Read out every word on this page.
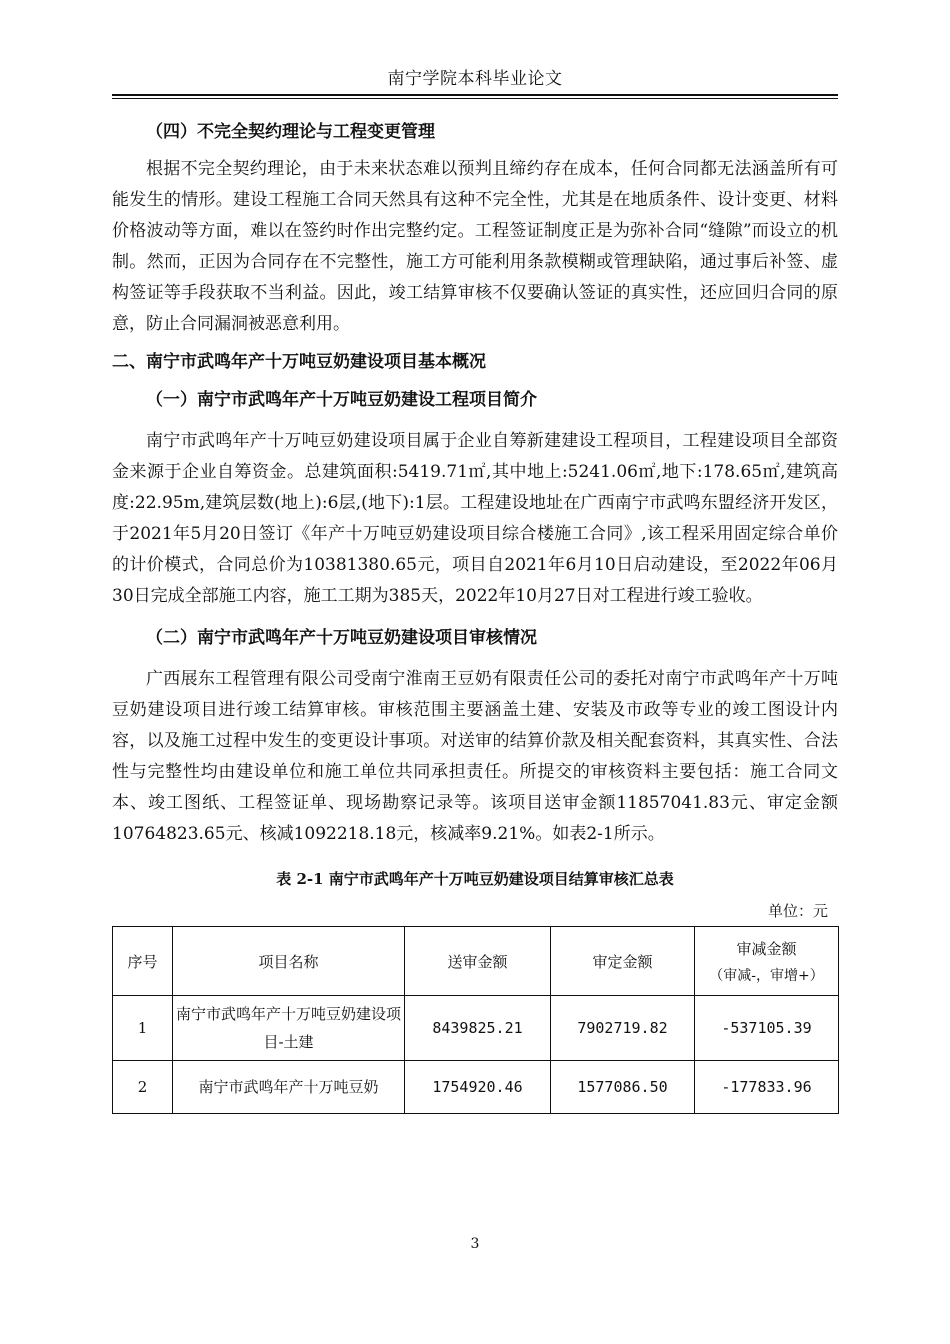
南宁学院本科毕业论文

（四）不完全契约理论与工程变更管理

根据不完全契约理论，由于未来状态难以预判且缔约存在成本，任何合同都无法涵盖所有可能发生的情形。建设工程施工合同天然具有这种不完全性，尤其是在地质条件、设计变更、材料价格波动等方面，难以在签约时作出完整约定。工程签证制度正是为弥补合同“缝隙”而设立的机制。然而，正因为合同存在不完整性，施工方可能利用条款模糊或管理缺陷，通过事后补签、虚构签证等手段获取不当利益。因此，竣工结算审核不仅要确认签证的真实性，还应回归合同的原意，防止合同漏洞被恶意利用。

二、南宁市武鸣年产十万吨豆奶建设项目基本概况

（一）南宁市武鸣年产十万吨豆奶建设工程项目简介

南宁市武鸣年产十万吨豆奶建设项目属于企业自筹新建建设工程项目，工程建设项目全部资金来源于企业自筹资金。总建筑面积:5419.71㎡,其中地上:5241.06㎡,地下:178.65㎡,建筑高度:22.95m,建筑层数(地上):6层,(地下):1层。工程建设地址在广西南宁市武鸣东盟经济开发区，于2021年5月20日签订《年产十万吨豆奶建设项目综合楼施工合同》,该工程采用固定综合单价的计价模式，合同总价为10381380.65元，项目自2021年6月10日启动建设，至2022年06月30日完成全部施工内容，施工工期为385天，2022年10月27日对工程进行竣工验收。

（二）南宁市武鸣年产十万吨豆奶建设项目审核情况

广西展东工程管理有限公司受南宁淮南王豆奶有限责任公司的委托对南宁市武鸣年产十万吨豆奶建设项目进行竣工结算审核。审核范围主要涵盖土建、安装及市政等专业的竣工图设计内容，以及施工过程中发生的变更设计事项。对送审的结算价款及相关配套资料，其真实性、合法性与完整性均由建设单位和施工单位共同承担责任。所提交的审核资料主要包括：施工合同文本、竣工图纸、工程签证单、现场勘察记录等。该项目送审金额11857041.83元、审定金额10764823.65元、核减1092218.18元，核减率9.21%。如表2-1所示。

表 2-1 南宁市武鸣年产十万吨豆奶建设项目结算审核汇总表
单位：元
序号	项目名称	送审金额	审定金额	审减金额
（审减-，审增+）

1	南宁市武鸣年产十万吨豆奶建设项目-土建	8439825.21	7902719.82	-537105.39
2	南宁市武鸣年产十万吨豆奶	1754920.46	1577086.50	-177833.96
3
